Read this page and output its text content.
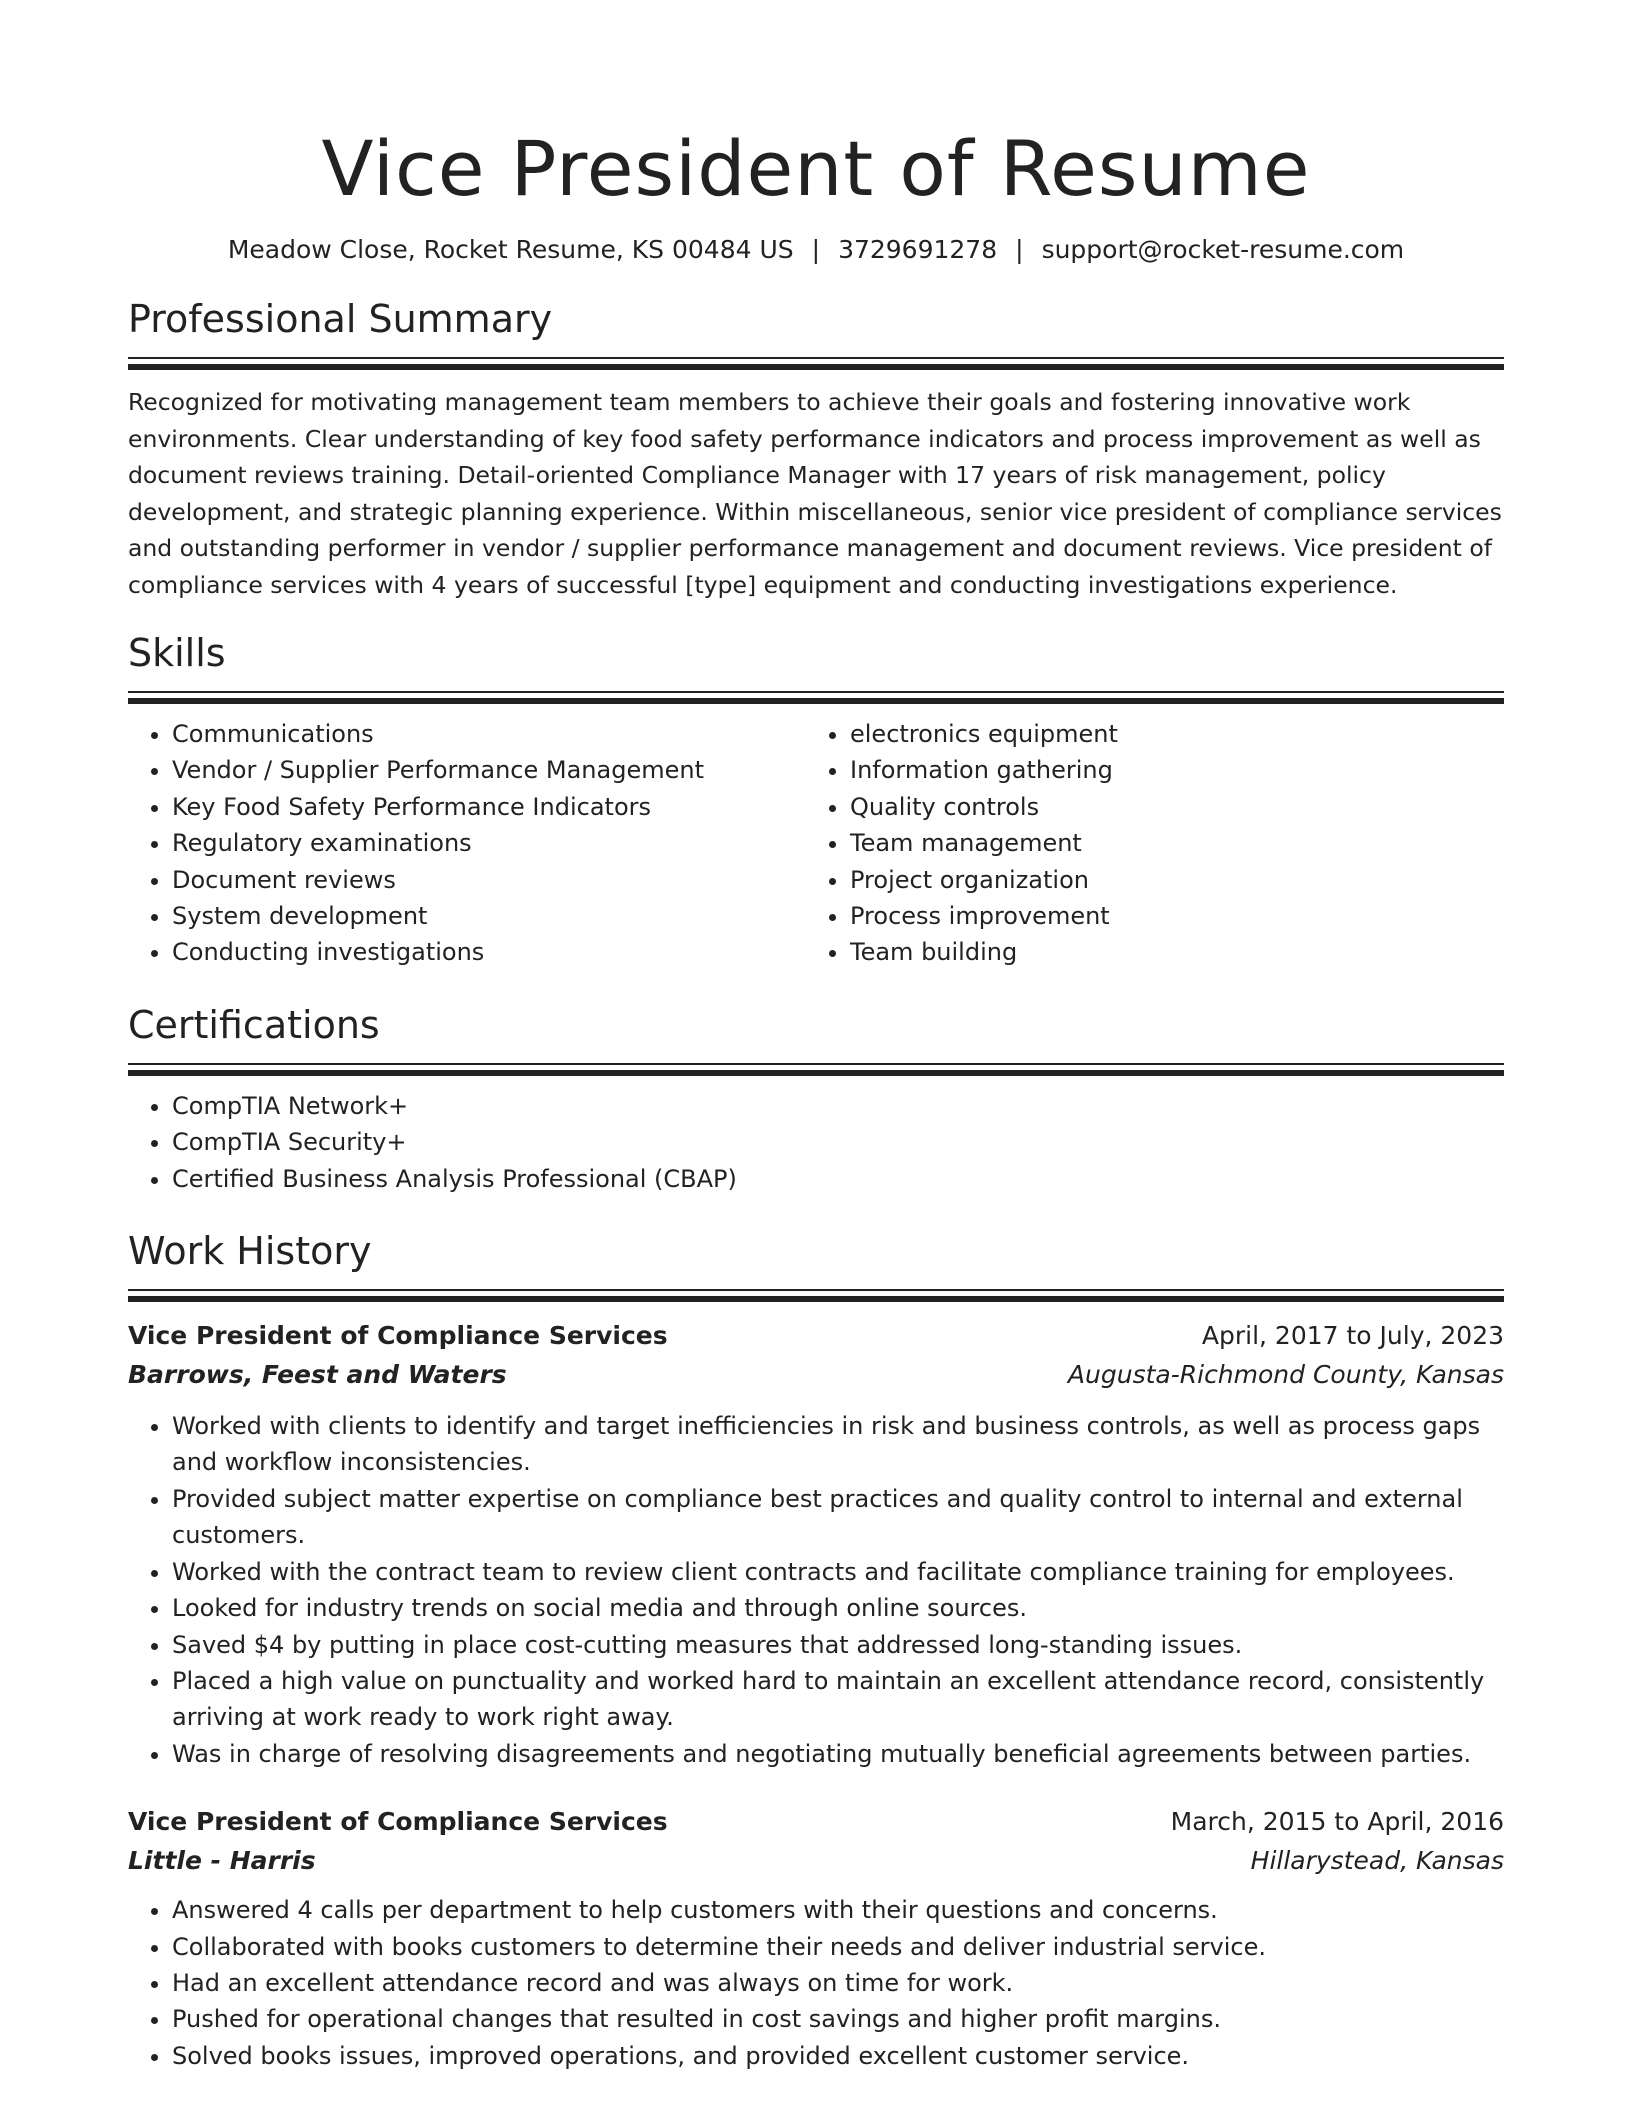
Vice President of Resume
Meadow Close, Rocket Resume, KS 00484 US | 3729691278 | support@rocket-resume.com
Professional Summary
Recognized for motivating management team members to achieve their goals and fostering innovative work environments. Clear understanding of key food safety performance indicators and process improvement as well as document reviews training. Detail-oriented Compliance Manager with 17 years of risk management, policy development, and strategic planning experience. Within miscellaneous, senior vice president of compliance services and outstanding performer in vendor / supplier performance management and document reviews. Vice president of compliance services with 4 years of successful [type] equipment and conducting investigations experience.
Skills
• Communications
• Vendor / Supplier Performance Management
• Key Food Safety Performance Indicators
• Regulatory examinations
• Document reviews
• System development
• Conducting investigations
• electronics equipment
• Information gathering
• Quality controls
• Team management
• Project organization
• Process improvement
• Team building
Certifications
• CompTIA Network+
• CompTIA Security+
• Certified Business Analysis Professional (CBAP)
Work History
Vice President of Compliance Services	April, 2017 to July, 2023
Barrows, Feest and Waters	Augusta-Richmond County, Kansas
• Worked with clients to identify and target inefficiencies in risk and business controls, as well as process gaps and workflow inconsistencies.
• Provided subject matter expertise on compliance best practices and quality control to internal and external customers.
• Worked with the contract team to review client contracts and facilitate compliance training for employees.
• Looked for industry trends on social media and through online sources.
• Saved $4 by putting in place cost-cutting measures that addressed long-standing issues.
• Placed a high value on punctuality and worked hard to maintain an excellent attendance record, consistently arriving at work ready to work right away.
• Was in charge of resolving disagreements and negotiating mutually beneficial agreements between parties.
Vice President of Compliance Services	March, 2015 to April, 2016
Little - Harris	Hillarystead, Kansas
• Answered 4 calls per department to help customers with their questions and concerns.
• Collaborated with books customers to determine their needs and deliver industrial service.
• Had an excellent attendance record and was always on time for work.
• Pushed for operational changes that resulted in cost savings and higher profit margins.
• Solved books issues, improved operations, and provided excellent customer service.
